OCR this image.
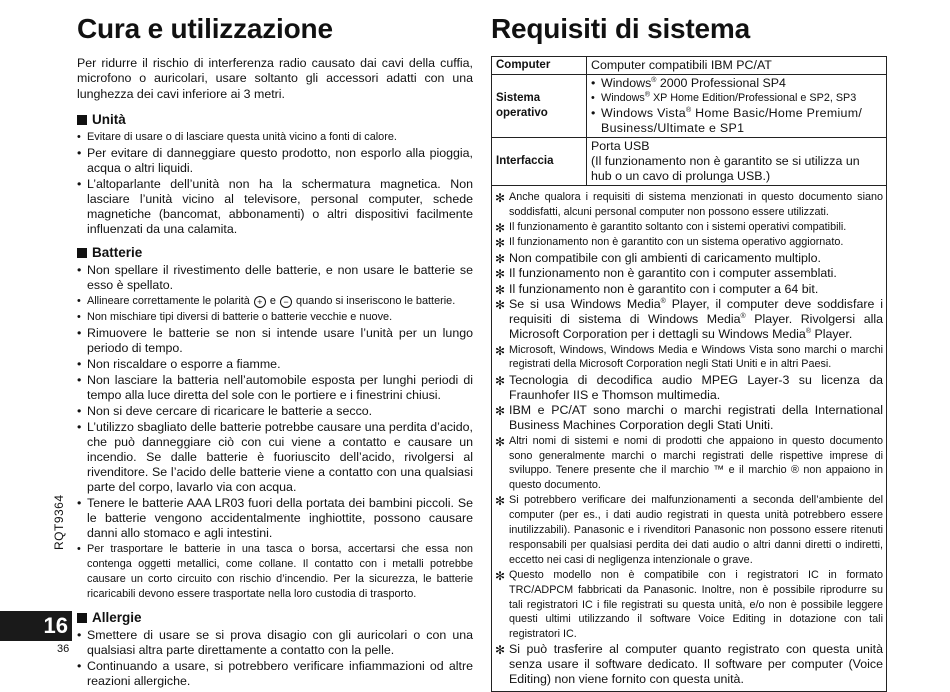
Cura e utilizzazione

Per ridurre il rischio di interferenza radio causato dai cavi della cuffia, microfono o auricolari, usare soltanto gli accessori adatti con una lunghezza dei cavi inferiore ai 3 metri.

Unità
• Evitare di usare o di lasciare questa unità vicino a fonti di calore.
• Per evitare di danneggiare questo prodotto, non esporlo alla pioggia, acqua o altri liquidi.
• L’altoparlante dell’unità non ha la schermatura magnetica. Non lasciare l’unità vicino al televisore, personal computer, schede magnetiche (bancomat, abbonamenti) o altri dispositivi facilmente influenzati da una calamita.
Batterie
• Non spellare il rivestimento delle batterie, e non usare le batterie se esso è spellato.
• Allineare correttamente le polarità + e − quando si inseriscono le batterie.
• Non mischiare tipi diversi di batterie o batterie vecchie e nuove.
• Rimuovere le batterie se non si intende usare l’unità per un lungo periodo di tempo.
• Non riscaldare o esporre a fiamme.
• Non lasciare la batteria nell’automobile esposta per lunghi periodi di tempo alla luce diretta del sole con le portiere e i finestrini chiusi.
• Non si deve cercare di ricaricare le batterie a secco.
• L’utilizzo sbagliato delle batterie potrebbe causare una perdita d’acido, che può danneggiare ciò con cui viene a contatto e causare un incendio. Se dalle batterie è fuoriuscito dell’acido, rivolgersi al rivenditore. Se l’acido delle batterie viene a contatto con una qualsiasi parte del corpo, lavarlo via con acqua.
• Tenere le batterie AAA LR03 fuori della portata dei bambini piccoli. Se le batterie vengono accidentalmente inghiottite, possono causare danni allo stomaco e agli intestini.
• Per trasportare le batterie in una tasca o borsa, accertarsi che essa non contenga oggetti metallici, come collane. Il contatto con i metalli potrebbe causare un corto circuito con rischio d’incendio. Per la sicurezza, le batterie ricaricabili devono essere trasportate nella loro custodia di trasporto.
Allergie
• Smettere di usare se si prova disagio con gli auricolari o con una qualsiasi altra parte direttamente a contatto con la pelle.
• Continuando a usare, si potrebbero verificare infiammazioni od altre reazioni allergiche.
Requisiti di sistema
Computer	Computer compatibili IBM PC/AT
Sistema operativo	• Windows® 2000 Professional SP4
• Windows® XP Home Edition/Professional e SP2, SP3
• Windows Vista® Home Basic/Home Premium/ Business/Ultimate e SP1

Interfaccia	Porta USB
(Il funzionamento non è garantito se si utilizza un hub o un cavo di prolunga USB.)
✻ Anche qualora i requisiti di sistema menzionati in questo documento siano soddisfatti, alcuni personal computer non possono essere utilizzati.
✻ Il funzionamento è garantito soltanto con i sistemi operativi compatibili.
✻ Il funzionamento non è garantito con un sistema operativo aggiornato.
✻ Non compatibile con gli ambienti di caricamento multiplo.
✻ Il funzionamento non è garantito con i computer assemblati.
✻ Il funzionamento non è garantito con i computer a 64 bit.
✻ Se si usa Windows Media® Player, il computer deve soddisfare i requisiti di sistema di Windows Media® Player. Rivolgersi alla Microsoft Corporation per i dettagli su Windows Media® Player.
✻ Microsoft, Windows, Windows Media e Windows Vista sono marchi o marchi registrati della Microsoft Corporation negli Stati Uniti e in altri Paesi.
✻ Tecnologia di decodifica audio MPEG Layer-3 su licenza da Fraunhofer IIS e Thomson multimedia.
✻ IBM e PC/AT sono marchi o marchi registrati della International Business Machines Corporation degli Stati Uniti.
✻ Altri nomi di sistemi e nomi di prodotti che appaiono in questo documento sono generalmente marchi o marchi registrati delle rispettive imprese di sviluppo. Tenere presente che il marchio ™ e il marchio ® non appaiono in questo documento.
✻ Si potrebbero verificare dei malfunzionamenti a seconda dell’ambiente del computer (per es., i dati audio registrati in questa unità potrebbero essere inutilizzabili). Panasonic e i rivenditori Panasonic non possono essere ritenuti responsabili per qualsiasi perdita dei dati audio o altri danni diretti o indiretti, eccetto nei casi di negligenza intenzionale o grave.
✻ Questo modello non è compatibile con i registratori IC in formato TRC/ADPCM fabbricati da Panasonic. Inoltre, non è possibile riprodurre su tali registratori IC i file registrati su questa unità, e/o non è possibile leggere questi ultimi utilizzando il software Voice Editing in dotazione con tali registratori IC.
✻ Si può trasferire al computer quanto registrato con questa unità senza usare il software dedicato. Il software per computer (Voice Editing) non viene fornito con questa unità.
RQT9364
16
36
